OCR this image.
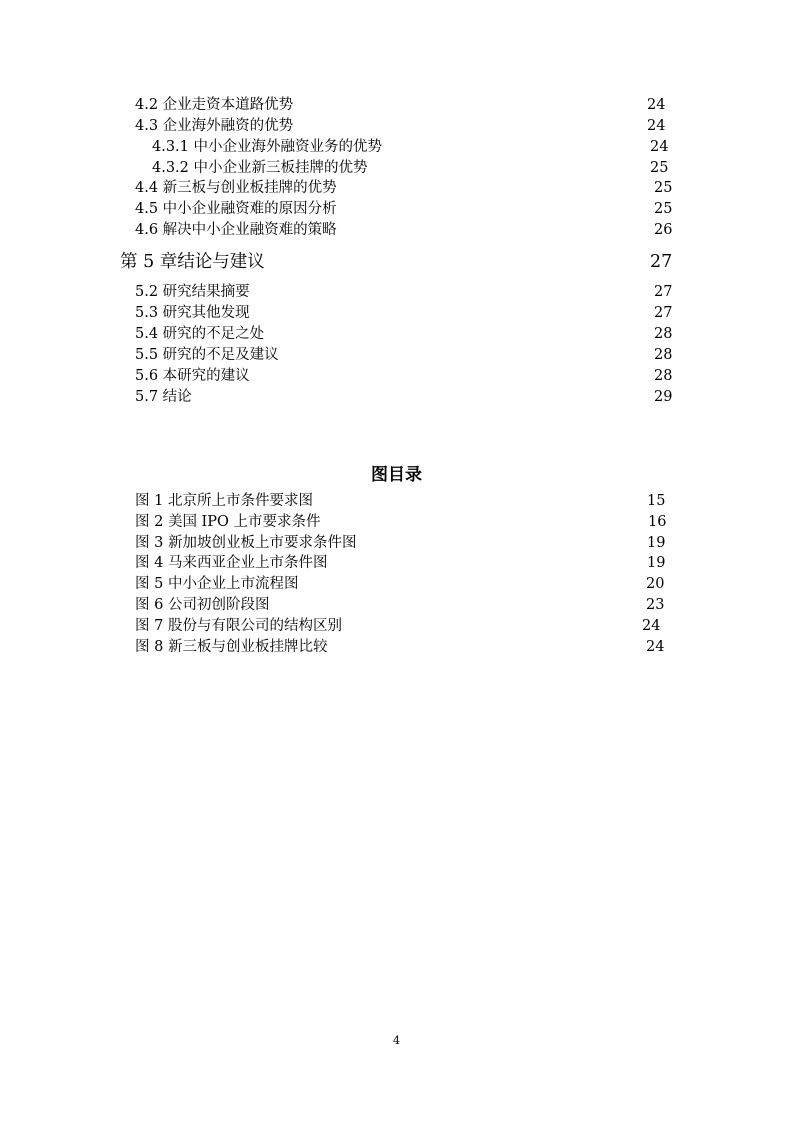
4.2 企业走资本道路优势	24
4.3 企业海外融资的优势	24
4.3.1 中小企业海外融资业务的优势	24
4.3.2 中小企业新三板挂牌的优势	25
4.4 新三板与创业板挂牌的优势	25
4.5 中小企业融资难的原因分析	25
4.6 解决中小企业融资难的策略	26
第 5 章结论与建议	27
5.2 研究结果摘要	27
5.3 研究其他发现	27
5.4 研究的不足之处	28
5.5 研究的不足及建议	28
5.6 本研究的建议	28
5.7 结论	29
图目录
图 1 北京所上市条件要求图	15
图 2 美国 IPO 上市要求条件	16
图 3 新加坡创业板上市要求条件图	19
图 4 马来西亚企业上市条件图	19
图 5 中小企业上市流程图	20
图 6 公司初创阶段图	23
图 7 股份与有限公司的结构区别	24
图 8 新三板与创业板挂牌比较	24
4
